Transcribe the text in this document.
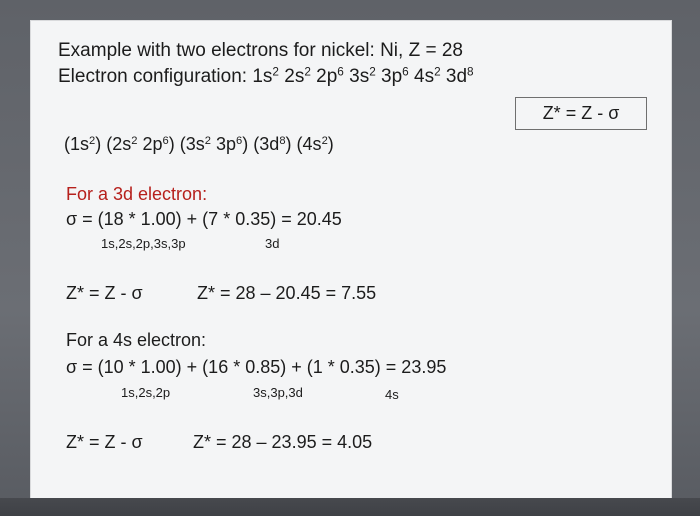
Example with two electrons for nickel: Ni, Z = 28
Electron configuration: $1s^2$ $2s^2$ $2p^6$ $3s^2$ $3p^6$ $4s^2$ $3d^8$
Z* = Z - σ
$(1s^2)$ ($2s^2$ $2p^6$) ($3s^2$ $3p^6$) $(3d^8)$ $(4s^2)$
For a 3d electron:
σ = (18 * 1.00) + (7 * 0.35) = 20.45
1s,2s,2p,3s,3p	3d
Z* = Z - σ	Z* = 28 – 20.45 = 7.55
For a 4s electron:
σ = (10 * 1.00) + (16 * 0.85) + (1 * 0.35) = 23.95
1s,2s,2p	3s,3p,3d	4s
Z* = Z - σ	Z* = 28 – 23.95 = 4.05
